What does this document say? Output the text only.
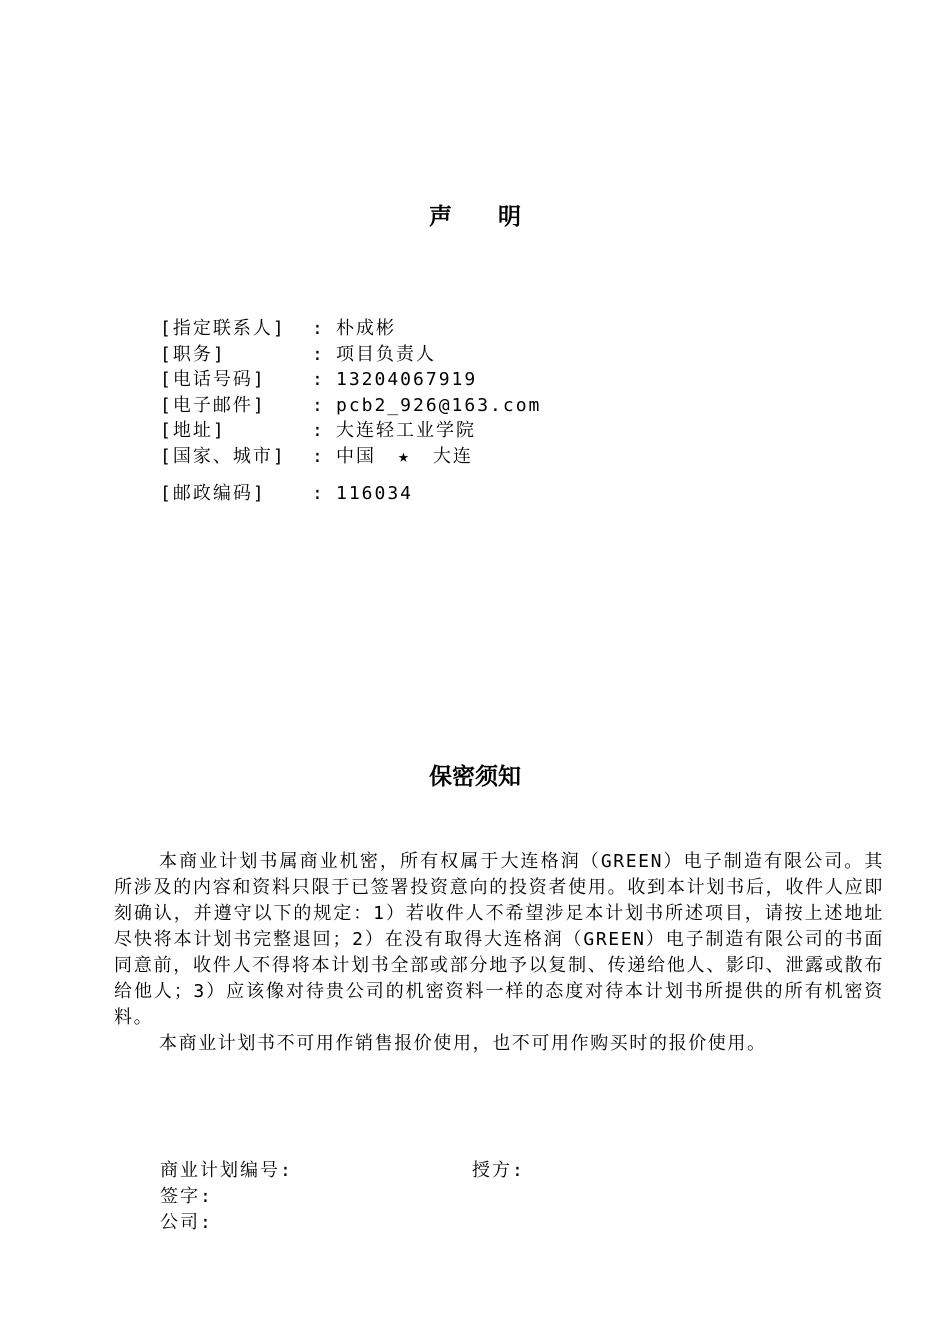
声 明
[指定联系人] : 朴成彬
[职务]	: 项目负责人
[电话号码]	: 13204067919
[电子邮件]	: pcb2_926@163.com
[地址]	: 大连轻工业学院
[国家、城市] : 中国 ★ 大连
[邮政编码]	: 116034
保密须知

本商业计划书属商业机密，所有权属于大连格润（GREEN）电子制造有限公司。其所涉及的内容和资料只限于已签署投资意向的投资者使用。收到本计划书后，收件人应即刻确认，并遵守以下的规定：1）若收件人不希望涉足本计划书所述项目，请按上述地址尽快将本计划书完整退回；2）在没有取得大连格润（GREEN）电子制造有限公司的书面同意前，收件人不得将本计划书全部或部分地予以复制、传递给他人、影印、泄露或散布给他人；3）应该像对待贵公司的机密资料一样的态度对待本计划书所提供的所有机密资料。

本商业计划书不可用作销售报价使用，也不可用作购买时的报价使用。

商业计划编号:	授方:
签字:
公司:
